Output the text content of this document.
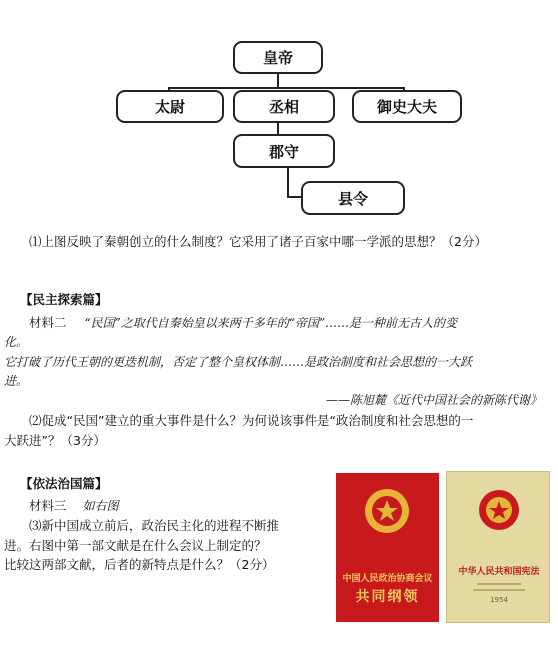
皇帝
太尉	丞相	御史大夫
郡守
县令
⑴上图反映了秦朝创立的什么制度？它采用了诸子百家中哪一学派的思想？（2分）
【民主探索篇】
材料二 “民国”之取代自秦始皇以来两千多年的“帝国”……是一种前无古人的变
化。
它打破了历代王朝的更迭机制，否定了整个皇权体制……是政治制度和社会思想的一大跃
进。
——陈旭麓《近代中国社会的新陈代谢》
⑵促成“民国”建立的重大事件是什么？为何说该事件是“政治制度和社会思想的一
大跃进”？（3分）
【依法治国篇】
材料三 如右图
⑶新中国成立前后，政治民主化的进程不断推
进。右图中第一部文献是在什么会议上制定的？
比较这两部文献，后者的新特点是什么？（2分）
中国人民政治协商会议
共同纲领
中华人民共和国宪法
1954
